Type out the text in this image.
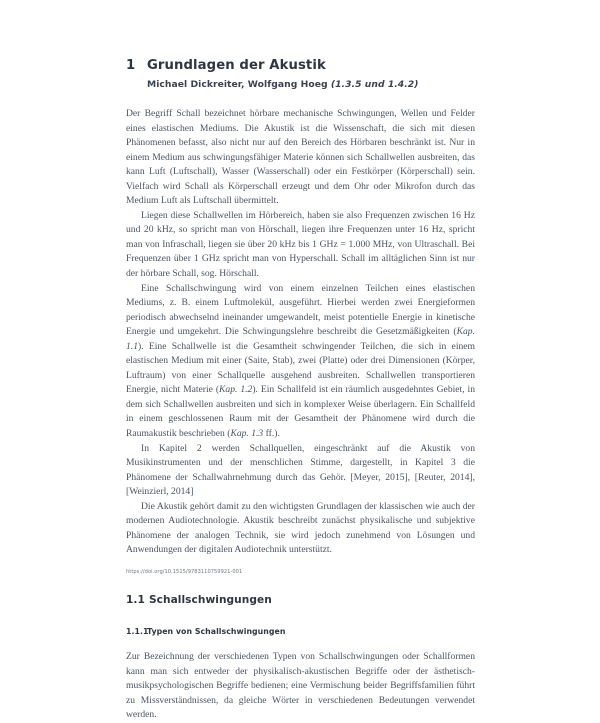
1 Grundlagen der Akustik
Michael Dickreiter, Wolfgang Hoeg (1.3.5 und 1.4.2)

Der Begriff Schall bezeichnet hörbare mechanische Schwingungen, Wellen und Felder eines elastischen Mediums. Die Akustik ist die Wissenschaft, die sich mit diesen Phänomenen befasst, also nicht nur auf den Bereich des Hörbaren beschränkt ist. Nur in einem Medium aus schwingungsfähiger Materie können sich Schallwellen ausbreiten, das kann Luft (Luftschall), Wasser (Wasserschall) oder ein Festkörper (Körperschall) sein. Vielfach wird Schall als Körperschall erzeugt und dem Ohr oder Mikrofon durch das Medium Luft als Luftschall übermittelt.

Liegen diese Schallwellen im Hörbereich, haben sie also Frequenzen zwischen 16 Hz und 20 kHz, so spricht man von Hörschall, liegen ihre Frequenzen unter 16 Hz, spricht man von Infraschall, liegen sie über 20 kHz bis 1 GHz = 1.000 MHz, von Ultraschall. Bei Frequenzen über 1 GHz spricht man von Hyperschall. Schall im alltäglichen Sinn ist nur der hörbare Schall, sog. Hörschall.

Eine Schallschwingung wird von einem einzelnen Teilchen eines elastischen Mediums, z. B. einem Luftmolekül, ausgeführt. Hierbei werden zwei Energieformen periodisch abwechselnd ineinander umgewandelt, meist potentielle Energie in kinetische Energie und umgekehrt. Die Schwingungslehre beschreibt die Gesetzmäßigkeiten (Kap. 1.1). Eine Schallwelle ist die Gesamtheit schwingender Teilchen, die sich in einem elastischen Medium mit einer (Saite, Stab), zwei (Platte) oder drei Dimensionen (Körper, Luftraum) von einer Schallquelle ausgehend ausbreiten. Schallwellen transportieren Energie, nicht Materie (Kap. 1.2). Ein Schallfeld ist ein räumlich ausgedehntes Gebiet, in dem sich Schallwellen ausbreiten und sich in komplexer Weise überlagern. Ein Schallfeld in einem geschlossenen Raum mit der Gesamtheit der Phänomene wird durch die Raumakustik beschrieben (Kap. 1.3 ff.).

In Kapitel 2 werden Schallquellen, eingeschränkt auf die Akustik von Musikinstrumenten und der menschlichen Stimme, dargestellt, in Kapitel 3 die Phänomene der Schallwahrnehmung durch das Gehör. [Meyer, 2015], [Reuter, 2014], [Weinzierl, 2014]

Die Akustik gehört damit zu den wichtigsten Grundlagen der klassischen wie auch der modernen Audiotechnologie. Akustik beschreibt zunächst physikalische und subjektive Phänomene der analogen Technik, sie wird jedoch zunehmend von Lösungen und Anwendungen der digitalen Audiotechnik unterstützt.

1.1 Schallschwingungen
1.1.1
Typen von Schallschwingungen

Zur Bezeichnung der verschiedenen Typen von Schallschwingungen oder Schallformen kann man sich entweder der physikalisch-akustischen Begriffe oder der ästhetisch-musikpsychologischen Begriffe bedienen; eine Vermischung beider Begriffsfamilien führt zu Missverständnissen, da gleiche Wörter in verschiedenen Bedeutungen verwendet werden.

https://doi.org/10.1515/9783110759921-001
